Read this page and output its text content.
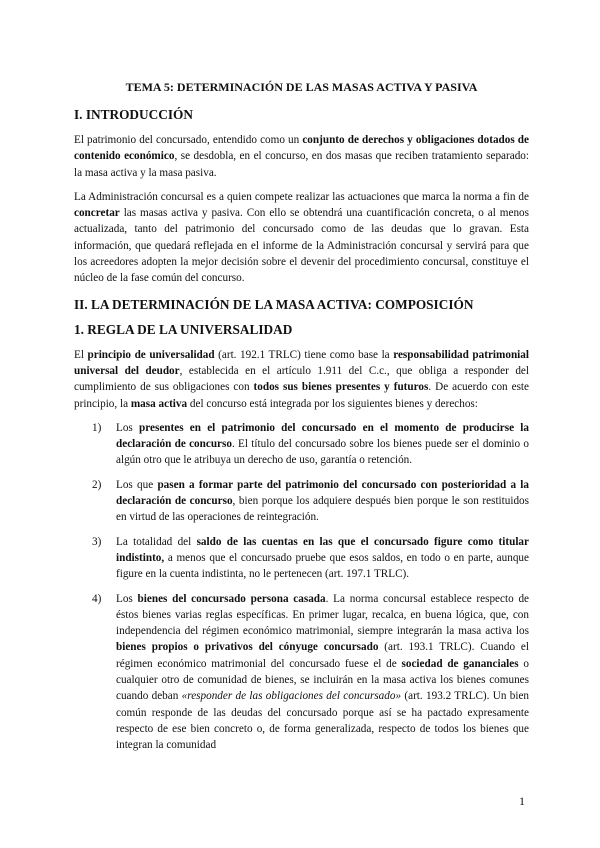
TEMA 5: DETERMINACIÓN DE LAS MASAS ACTIVA Y PASIVA
I. INTRODUCCIÓN

El patrimonio del concursado, entendido como un conjunto de derechos y obligaciones dotados de contenido económico, se desdobla, en el concurso, en dos masas que reciben tratamiento separado: la masa activa y la masa pasiva.

La Administración concursal es a quien compete realizar las actuaciones que marca la norma a fin de concretar las masas activa y pasiva. Con ello se obtendrá una cuantificación concreta, o al menos actualizada, tanto del patrimonio del concursado como de las deudas que lo gravan. Esta información, que quedará reflejada en el informe de la Administración concursal y servirá para que los acreedores adopten la mejor decisión sobre el devenir del procedimiento concursal, constituye el núcleo de la fase común del concurso.

II. LA DETERMINACIÓN DE LA MASA ACTIVA: COMPOSICIÓN
1. REGLA DE LA UNIVERSALIDAD

El principio de universalidad (art. 192.1 TRLC) tiene como base la responsabilidad patrimonial universal del deudor, establecida en el artículo 1.911 del C.c., que obliga a responder del cumplimiento de sus obligaciones con todos sus bienes presentes y futuros. De acuerdo con este principio, la masa activa del concurso está integrada por los siguientes bienes y derechos:

1)	Los presentes en el patrimonio del concursado en el momento de producirse la declaración de concurso. El título del concursado sobre los bienes puede ser el dominio o algún otro que le atribuya un derecho de uso, garantía o retención.

2)	Los que pasen a formar parte del patrimonio del concursado con posterioridad a la declaración de concurso, bien porque los adquiere después bien porque le son restituidos en virtud de las operaciones de reintegración.

3)	La totalidad del saldo de las cuentas en las que el concursado figure como titular indistinto, a menos que el concursado pruebe que esos saldos, en todo o en parte, aunque figure en la cuenta indistinta, no le pertenecen (art. 197.1 TRLC).

4)	Los bienes del concursado persona casada. La norma concursal establece respecto de éstos bienes varias reglas específicas. En primer lugar, recalca, en buena lógica, que, con independencia del régimen económico matrimonial, siempre integrarán la masa activa los bienes propios o privativos del cónyuge concursado (art. 193.1 TRLC). Cuando el régimen económico matrimonial del concursado fuese el de sociedad de gananciales o cualquier otro de comunidad de bienes, se incluirán en la masa activa los bienes comunes cuando deban «responder de las obligaciones del concursado» (art. 193.2 TRLC). Un bien común responde de las deudas del concursado porque así se ha pactado expresamente respecto de ese bien concreto o, de forma generalizada, respecto de todos los bienes que integran la comunidad

1
